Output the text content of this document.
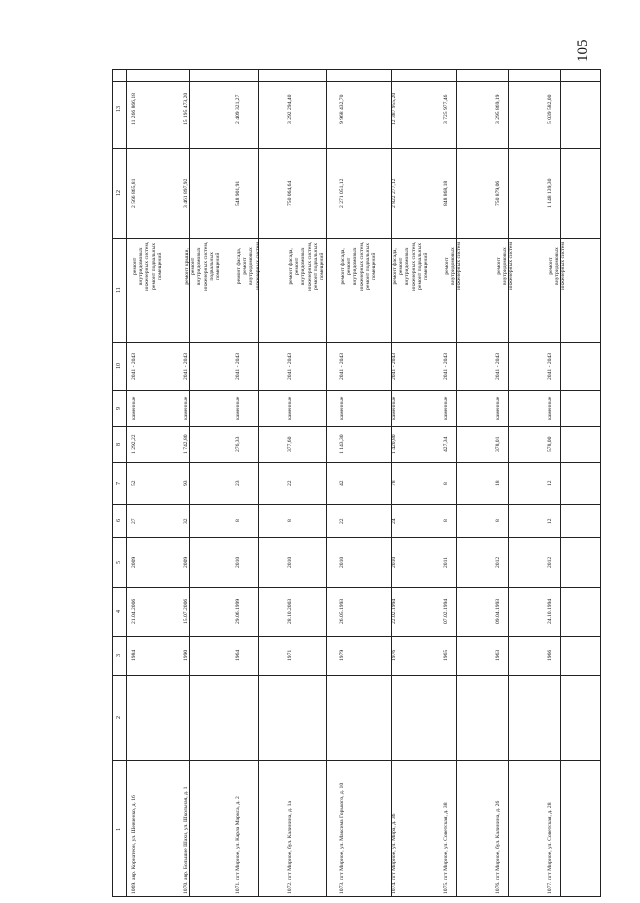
105
1
2
3
4
5
6
7
8
9
10
11
12
13
1069. авр. Корнатеон, ул. Шевченко, д. 16
1984
21.04.2006
2009
27
52
1 292,22
каменные
2041 - 2043
ремонт
внутридомовых
инженерных систем,
ремонт подвальных
помещений
2 566 865,81
11 266 866,18
1070. авр. Большие Шахи, ул. Школьная, д. 1
1990
15.07.2006
2009
32
93
1 742,80
каменные
2041 - 2043
ремонт крыши,
ремонт
внутридомовых
инженерных систем,
подвальных
помещений
3 461 897,92
15 195 473,20
1071. пгт Мирное, ул. Карла Маркса, д. 2
1964
29.06.1999
2010
8
23
276,33
каменные
2041 - 2043
ремонт фасада,
ремонт
внутридомовых
инженерных систем
548 901,91
2 409 321,27
1072. пгт Мирное, бул. Калинина, д. 1а
1971
28.10.2003
2010
8
22
377,60
каменные
2041 - 2043
ремонт фасада,
ремонт
внутридомовых
инженерных систем,
ремонт подвальных
помещений
750 064,64
3 292 294,40
1073. пгт Мирное, ул. Максима Горького, д. 10
1979
26.05.1993
2010
22
42
1 143,30
каменные
2041 - 2043
ремонт фасада,
ремонт
внутридомовых
инженерных систем,
ремонт подвальных
помещений
2 271 051,12
9 968 432,70
1074. пгт Мирное, ул. Мира, д. 36
1976
22.02.1994
2010
24
78
1 420,80
каменные
2041 - 2043
ремонт фасада,
ремонт
внутридомовых
инженерных систем,
ремонт подвальных
помещений
2 822 277,12
12 387 955,20
1075. пгт Мирное, ул. Советская, д. 38
1965
07.02.1994
2011
8
8
427,34
каменные
2041 - 2043
ремонт
внутридомовых
инженерных систем
848 868,18
3 725 977,46
1076. пгт Мирное, бул. Калинина, д. 26
1963
09.04.1993
2012
8
18
378,01
каменные
2041 - 2043
ремонт
внутридомовых
инженерных систем
750 879,06
3 295 869,19
1077. пгт Мирное, ул. Советская, д. 28
1966
24.10.1994
2012
12
12
578,00
каменные
2041 - 2043
ремонт
внутридомовых
инженерных систем
1 148 139,30
5 039 582,00
